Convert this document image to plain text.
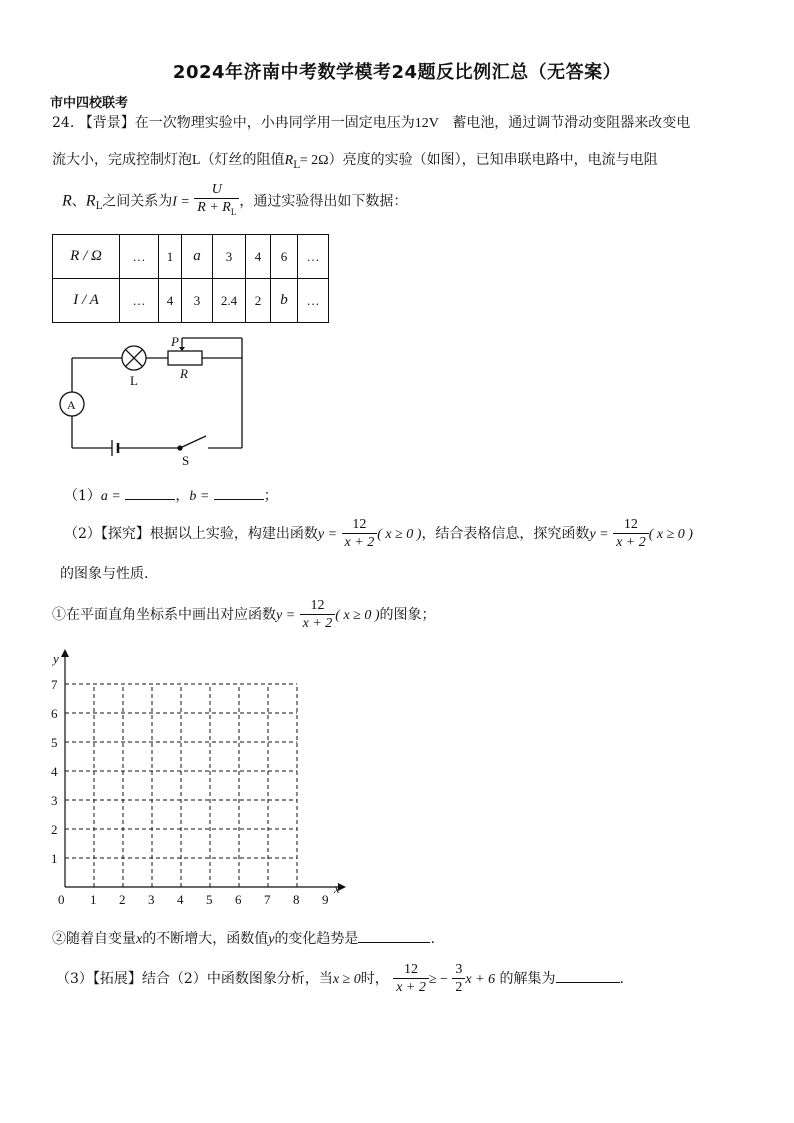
2024年济南中考数学模考24题反比例汇总（无答案）
市中四校联考
24. 【背景】在一次物理实验中，小冉同学用一固定电压为12V 蓄电池，通过调节滑动变阻器来改变电
流大小，完成控制灯泡L（灯丝的阻值$R_L= 2\Omega$）亮度的实验（如图），已知串联电路中，电流与电阻
R、$R_L$之间关系为$I = \frac{U}{R + R_L}$ ，通过实验得出如下数据：
R / Ω	…	1	a	3	4	6	…
I / A	…	4	3	2.4	2	b	…
L
P
R
A
S
（1）a =	，b =	；
（2）【探究】根据以上实验，构建出函数$y = \frac{12}{x + 2}$ ( x ≥ 0 )，结合表格信息，探究函数$y = \frac{12}{x + 2}$ ( x ≥ 0 )
的图象与性质.
①在平面直角坐标系中画出对应函数$y = \frac{12}{x + 2}$ ( x ≥ 0 )的图象；
0 1 2 3 4 5 6 7 8 9
1
2
3
4
5
6
7
x
y
②随着自变量x的不断增大，函数值y的变化趋势是	.
（3）【拓展】结合（2）中函数图象分析，当x ≥ 0时， $\frac{12}{x + 2}$ ≥ − $\frac{3}{2}$ x + 6 的解集为	.
